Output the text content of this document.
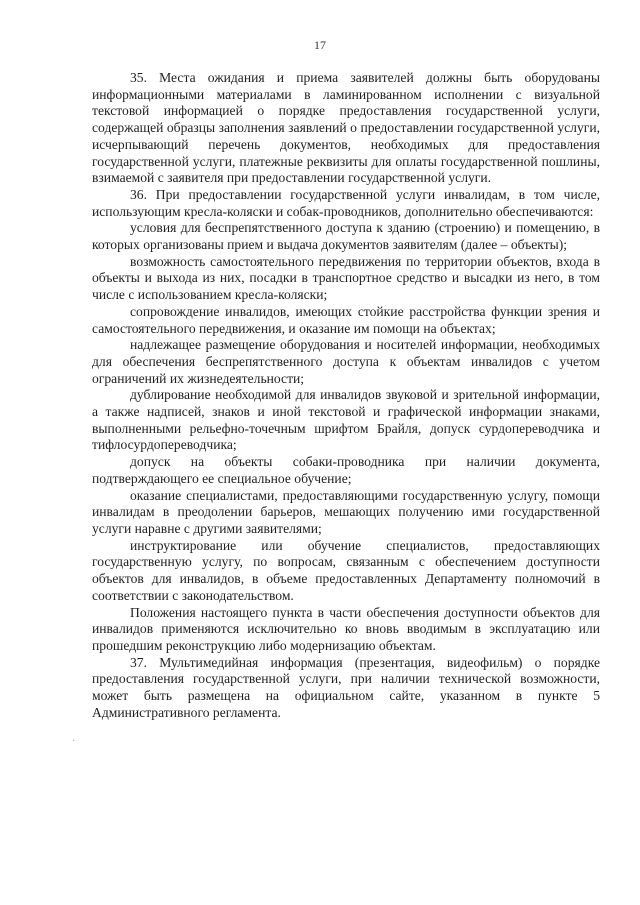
17
·

35. Места ожидания и приема заявителей должны быть оборудованы информационными материалами в ламинированном исполнении с визуальной текстовой информацией о порядке предоставления государственной услуги, содержащей образцы заполнения заявлений о предоставлении государственной услуги, исчерпывающий перечень документов, необходимых для предоставления государственной услуги, платежные реквизиты для оплаты государственной пошлины, взимаемой с заявителя при предоставлении государственной услуги.

36. При предоставлении государственной услуги инвалидам, в том числе, использующим кресла-коляски и собак-проводников, дополнительно обеспечиваются:

условия для беспрепятственного доступа к зданию (строению) и помещению, в которых организованы прием и выдача документов заявителям (далее – объекты);

возможность самостоятельного передвижения по территории объектов, входа в объекты и выхода из них, посадки в транспортное средство и высадки из него, в том числе с использованием кресла-коляски;

сопровождение инвалидов, имеющих стойкие расстройства функции зрения и самостоятельного передвижения, и оказание им помощи на объектах;

надлежащее размещение оборудования и носителей информации, необходимых для обеспечения беспрепятственного доступа к объектам инвалидов с учетом ограничений их жизнедеятельности;

дублирование необходимой для инвалидов звуковой и зрительной информации, а также надписей, знаков и иной текстовой и графической информации знаками, выполненными рельефно-точечным шрифтом Брайля, допуск сурдопереводчика и тифлосурдопереводчика;

допуск на объекты собаки-проводника при наличии документа, подтверждающего ее специальное обучение;

оказание специалистами, предоставляющими государственную услугу, помощи инвалидам в преодолении барьеров, мешающих получению ими государственной услуги наравне с другими заявителями;

инструктирование или обучение специалистов, предоставляющих государственную услугу, по вопросам, связанным с обеспечением доступности объектов для инвалидов, в объеме предоставленных Департаменту полномочий в соответствии с законодательством.

Положения настоящего пункта в части обеспечения доступности объектов для инвалидов применяются исключительно ко вновь вводимым в эксплуатацию или прошедшим реконструкцию либо модернизацию объектам.

37. Мультимедийная информация (презентация, видеофильм) о порядке предоставления государственной услуги, при наличии технической возможности, может быть размещена на официальном сайте, указанном в пункте 5 Административного регламента.
